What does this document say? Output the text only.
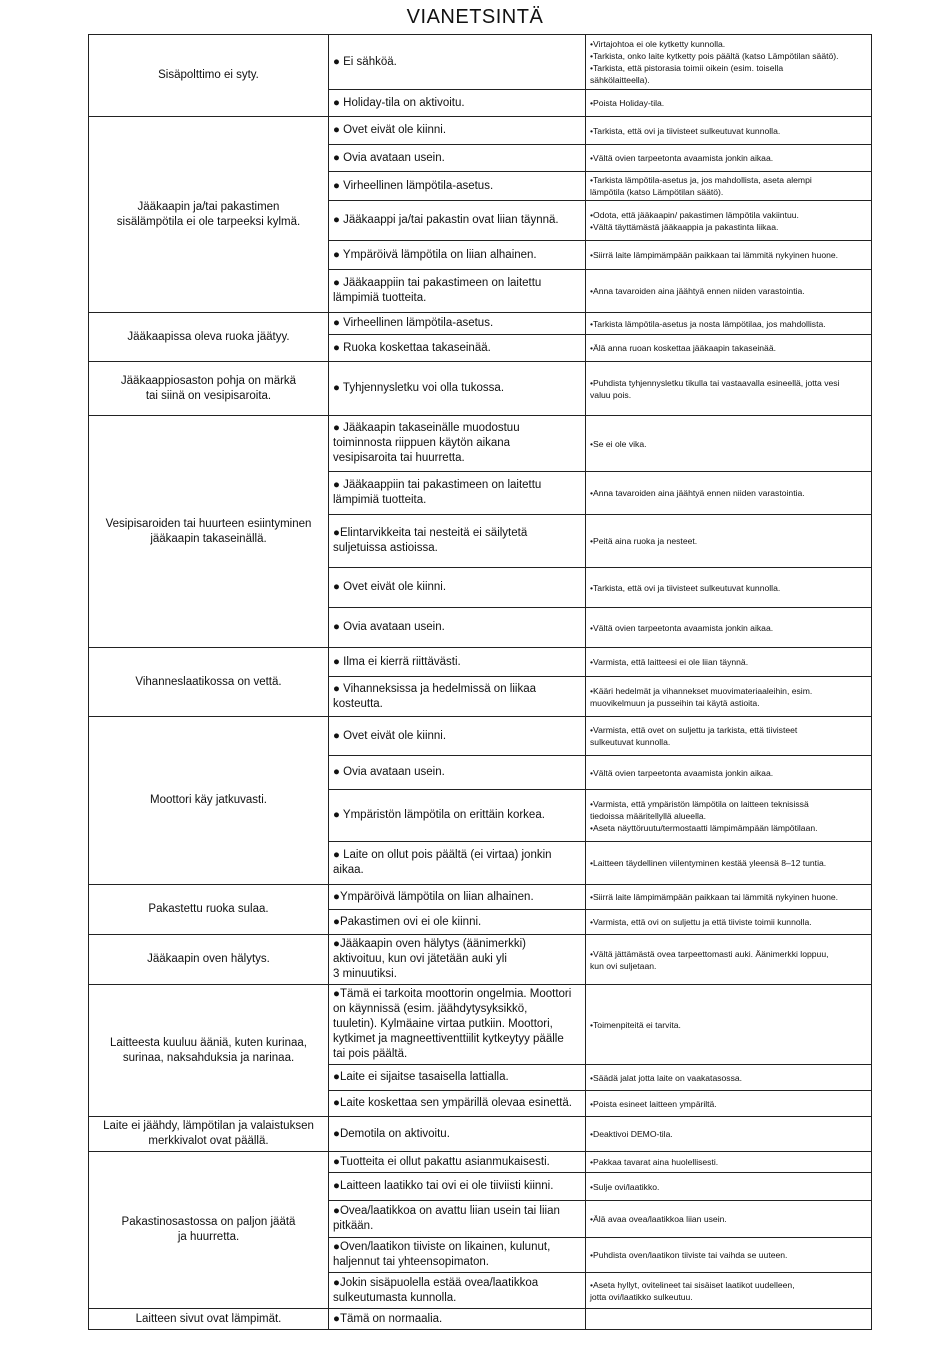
VIANETSINTÄ
Sisäpolttimo ei syty.	● Ei sähköä.	•Virtajohtoa ei ole kytketty kunnolla.
•Tarkista, onko laite kytketty pois päältä (katso Lämpötilan säätö).
•Tarkista, että pistorasia toimii oikein (esim. toisella
sähkölaitteella).

	● Holiday-tila on aktivoitu.	•Poista Holiday-tila.

Jääkaapin ja/tai pakastimen
sisälämpötila ei ole tarpeeksi kylmä.	● Ovet eivät ole kiinni.	•Tarkista, että ovi ja tiivisteet sulkeutuvat kunnolla.

	● Ovia avataan usein.	•Vältä ovien tarpeetonta avaamista jonkin aikaa.

	● Virheellinen lämpötila-asetus.	•Tarkista lämpötila-asetus ja, jos mahdollista, aseta alempi
lämpötila (katso Lämpötilan säätö).

	● Jääkaappi ja/tai pakastin ovat liian täynnä.	•Odota, että jääkaapin/ pakastimen lämpötila vakiintuu.
•Vältä täyttämästä jääkaappia ja pakastinta liikaa.

	● Ympäröivä lämpötila on liian alhainen.	•Siirrä laite lämpimämpään paikkaan tai lämmitä nykyinen huone.

	● Jääkaappiin tai pakastimeen on laitettu
lämpimiä tuotteita.	•Anna tavaroiden aina jäähtyä ennen niiden varastointia.

Jääkaapissa oleva ruoka jäätyy.	● Virheellinen lämpötila-asetus.	•Tarkista lämpötila-asetus ja nosta lämpötilaa, jos mahdollista.

	● Ruoka koskettaa takaseinää.	•Älä anna ruoan koskettaa jääkaapin takaseinää.

Jääkaappiosaston pohja on märkä
tai siinä on vesipisaroita.	● Tyhjennysletku voi olla tukossa.	•Puhdista tyhjennysletku tikulla tai vastaavalla esineellä, jotta vesi
valuu pois.

Vesipisaroiden tai huurteen esiintyminen
jääkaapin takaseinällä.	● Jääkaapin takaseinälle muodostuu
toiminnosta riippuen käytön aikana
vesipisaroita tai huurretta.	•Se ei ole vika.

	● Jääkaappiin tai pakastimeen on laitettu
lämpimiä tuotteita.	•Anna tavaroiden aina jäähtyä ennen niiden varastointia.

	●Elintarvikkeita tai nesteitä ei säilytetä
suljetuissa astioissa.	•Peitä aina ruoka ja nesteet.

	● Ovet eivät ole kiinni.	•Tarkista, että ovi ja tiivisteet sulkeutuvat kunnolla.

	● Ovia avataan usein.	•Vältä ovien tarpeetonta avaamista jonkin aikaa.

Vihanneslaatikossa on vettä.	● Ilma ei kierrä riittävästi.	•Varmista, että laitteesi ei ole liian täynnä.

	● Vihanneksissa ja hedelmissä on liikaa
kosteutta.	•Kääri hedelmät ja vihannekset muovimateriaaleihin, esim.
muovikelmuun ja pusseihin tai käytä astioita.

Moottori käy jatkuvasti.	● Ovet eivät ole kiinni.	•Varmista, että ovet on suljettu ja tarkista, että tiivisteet
sulkeutuvat kunnolla.

	● Ovia avataan usein.	•Vältä ovien tarpeetonta avaamista jonkin aikaa.

	● Ympäristön lämpötila on erittäin korkea.	•Varmista, että ympäristön lämpötila on laitteen teknisissä
tiedoissa määritellyllä alueella.
•Aseta näyttöruutu/termostaatti lämpimämpään lämpötilaan.

	● Laite on ollut pois päältä (ei virtaa) jonkin
aikaa.	•Laitteen täydellinen viilentyminen kestää yleensä 8–12 tuntia.

Pakastettu ruoka sulaa.	●Ympäröivä lämpötila on liian alhainen.	•Siirrä laite lämpimämpään paikkaan tai lämmitä nykyinen huone.

	●Pakastimen ovi ei ole kiinni.	•Varmista, että ovi on suljettu ja että tiiviste toimii kunnolla.

Jääkaapin oven hälytys.	●Jääkaapin oven hälytys (äänimerkki)
aktivoituu, kun ovi jätetään auki yli
3 minuutiksi.	•Vältä jättämästä ovea tarpeettomasti auki. Äänimerkki loppuu,
kun ovi suljetaan.

Laitteesta kuuluu ääniä, kuten kurinaa,
surinaa, naksahduksia ja narinaa.	●Tämä ei tarkoita moottorin ongelmia. Moottori
on käynnissä (esim. jäähdytysyksikkö,
tuuletin). Kylmäaine virtaa putkiin. Moottori,
kytkimet ja magneettiventtiilit kytkeytyy päälle
tai pois päältä.	•Toimenpiteitä ei tarvita.

	●Laite ei sijaitse tasaisella lattialla.	•Säädä jalat jotta laite on vaakatasossa.

	●Laite koskettaa sen ympärillä olevaa esinettä.	•Poista esineet laitteen ympäriltä.

Laite ei jäähdy, lämpötilan ja valaistuksen
merkkivalot ovat päällä.	●Demotila on aktivoitu.	•Deaktivoi DEMO-tila.

Pakastinosastossa on paljon jäätä
ja huurretta.	●Tuotteita ei ollut pakattu asianmukaisesti.	•Pakkaa tavarat aina huolellisesti.

	●Laitteen laatikko tai ovi ei ole tiiviisti kiinni.	•Sulje ovi/laatikko.

	●Ovea/laatikkoa on avattu liian usein tai liian
pitkään.	•Älä avaa ovea/laatikkoa liian usein.

	●Oven/laatikon tiiviste on likainen, kulunut,
haljennut tai yhteensopimaton.	•Puhdista oven/laatikon tiiviste tai vaihda se uuteen.

	●Jokin sisäpuolella estää ovea/laatikkoa
sulkeutumasta kunnolla.	•Aseta hyllyt, ovitelineet tai sisäiset laatikot uudelleen,
jotta ovi/laatikko sulkeutuu.

Laitteen sivut ovat lämpimät.	●Tämä on normaalia.	
